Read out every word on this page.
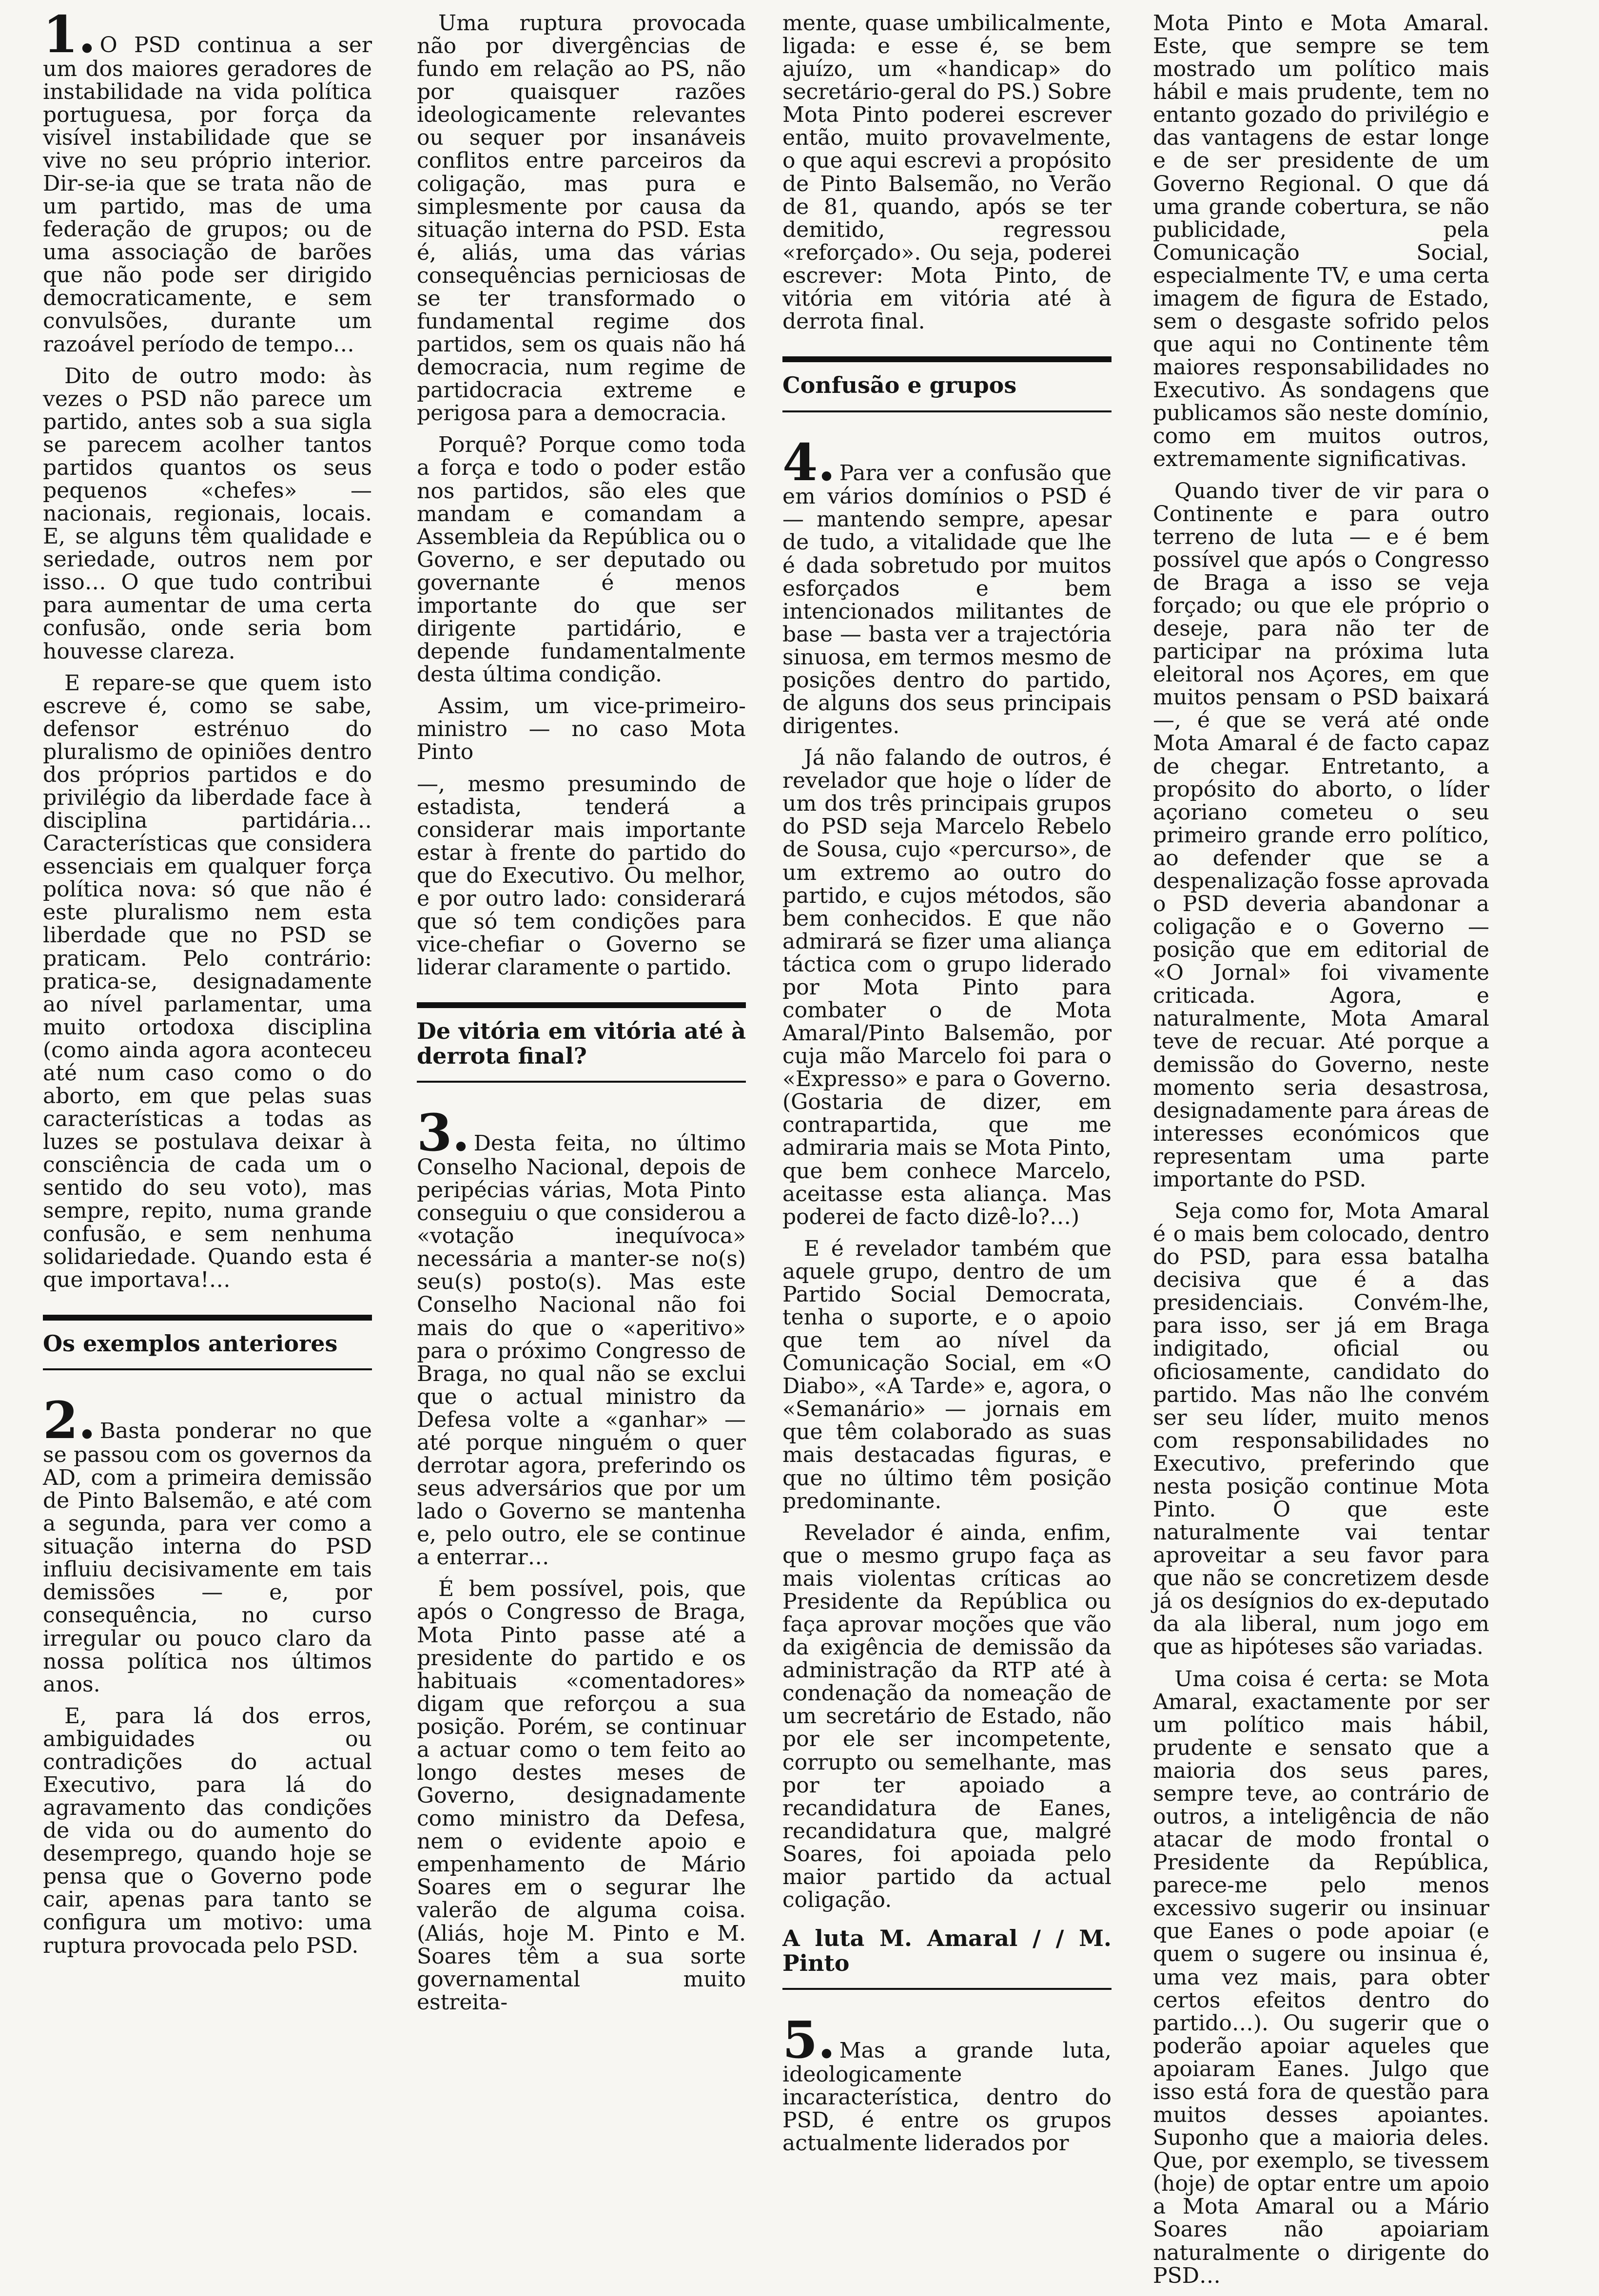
1. O PSD continua a ser um dos maiores geradores de instabilidade na vida política portuguesa, por força da visível instabilidade que se vive no seu próprio interior. Dir-se-ia que se trata não de um partido, mas de uma federação de grupos; ou de uma associação de barões que não pode ser dirigido democraticamente, e sem convulsões, durante um razoável período de tempo…

Dito de outro modo: às vezes o PSD não parece um partido, antes sob a sua sigla se parecem acolher tantos partidos quantos os seus pequenos «chefes» — nacionais, regionais, locais. E, se alguns têm qualidade e seriedade, outros nem por isso… O que tudo contribui para aumentar de uma certa confusão, onde seria bom houvesse clareza.

E repare-se que quem isto escreve é, como se sabe, defensor estrénuo do pluralismo de opiniões dentro dos próprios partidos e do privilégio da liberdade face à disciplina partidária… Características que considera essenciais em qualquer força política nova: só que não é este pluralismo nem esta liberdade que no PSD se praticam. Pelo contrário: pratica-se, designadamente ao nível parlamentar, uma muito ortodoxa disciplina (como ainda agora aconteceu até num caso como o do aborto, em que pelas suas características a todas as luzes se postulava deixar à consciência de cada um o sentido do seu voto), mas sempre, repito, numa grande confusão, e sem nenhuma solidariedade. Quando esta é que importava!…

Os exemplos anteriores

2. Basta ponderar no que se passou com os governos da AD, com a primeira demissão de Pinto Balsemão, e até com a segunda, para ver como a situação interna do PSD influiu decisivamente em tais demissões — e, por consequência, no curso irregular ou pouco claro da nossa política nos últimos anos.

E, para lá dos erros, ambiguidades ou contradições do actual Executivo, para lá do agravamento das condições de vida ou do aumento do desemprego, quando hoje se pensa que o Governo pode cair, apenas para tanto se configura um motivo: uma ruptura provocada pelo PSD.

Uma ruptura provocada não por divergências de fundo em relação ao PS, não por quaisquer razões ideologicamente relevantes ou sequer por insanáveis conflitos entre parceiros da coligação, mas pura e simplesmente por causa da situação interna do PSD. Esta é, aliás, uma das várias consequências perniciosas de se ter transformado o fundamental regime dos partidos, sem os quais não há democracia, num regime de partidocracia extreme e perigosa para a democracia.

Porquê? Porque como toda a força e todo o poder estão nos partidos, são eles que mandam e comandam a Assembleia da República ou o Governo, e ser deputado ou governante é menos importante do que ser dirigente partidário, e depende fundamentalmente desta última condição.

Assim, um vice-primeiro-ministro — no caso Mota Pinto

—, mesmo presumindo de estadista, tenderá a considerar mais importante estar à frente do partido do que do Executivo. Ou melhor, e por outro lado: considerará que só tem condições para vice-chefiar o Governo se liderar claramente o partido.

De vitória em vitória até à derrota final?

3. Desta feita, no último Conselho Nacional, depois de peripécias várias, Mota Pinto conseguiu o que considerou a «votação inequívoca» necessária a manter-se no(s) seu(s) posto(s). Mas este Conselho Nacional não foi mais do que o «aperitivo» para o próximo Congresso de Braga, no qual não se exclui que o actual ministro da Defesa volte a «ganhar» — até porque ninguém o quer derrotar agora, preferindo os seus adversários que por um lado o Governo se mantenha e, pelo outro, ele se continue a enterrar…

É bem possível, pois, que após o Congresso de Braga, Mota Pinto passe até a presidente do partido e os habituais «comentadores» digam que reforçou a sua posição. Porém, se continuar a actuar como o tem feito ao longo destes meses de Governo, designadamente como ministro da Defesa, nem o evidente apoio e empenhamento de Mário Soares em o segurar lhe valerão de alguma coisa. (Aliás, hoje M. Pinto e M. Soares têm a sua sorte governamental muito estreita-

mente, quase umbilicalmente, ligada: e esse é, se bem ajuízo, um «handicap» do secretário-geral do PS.) Sobre Mota Pinto poderei escrever então, muito provavelmente, o que aqui escrevi a propósito de Pinto Balsemão, no Verão de 81, quando, após se ter demitido, regressou «reforçado». Ou seja, poderei escrever: Mota Pinto, de vitória em vitória até à derrota final.

Confusão e grupos

4. Para ver a confusão que em vários domínios o PSD é — mantendo sempre, apesar de tudo, a vitalidade que lhe é dada sobretudo por muitos esforçados e bem intencionados militantes de base — basta ver a trajectória sinuosa, em termos mesmo de posições dentro do partido, de alguns dos seus principais dirigentes.

Já não falando de outros, é revelador que hoje o líder de um dos três principais grupos do PSD seja Marcelo Rebelo de Sousa, cujo «percurso», de um extremo ao outro do partido, e cujos métodos, são bem conhecidos. E que não admirará se fizer uma aliança táctica com o grupo liderado por Mota Pinto para combater o de Mota Amaral/Pinto Balsemão, por cuja mão Marcelo foi para o «Expresso» e para o Governo. (Gostaria de dizer, em contrapartida, que me admiraria mais se Mota Pinto, que bem conhece Marcelo, aceitasse esta aliança. Mas poderei de facto dizê-lo?…)

E é revelador também que aquele grupo, dentro de um Partido Social Democrata, tenha o suporte, e o apoio que tem ao nível da Comunicação Social, em «O Diabo», «A Tarde» e, agora, o «Semanário» — jornais em que têm colaborado as suas mais destacadas figuras, e que no último têm posição predominante.

Revelador é ainda, enfim, que o mesmo grupo faça as mais violentas críticas ao Presidente da República ou faça aprovar moções que vão da exigência de demissão da administração da RTP até à condenação da nomeação de um secretário de Estado, não por ele ser incompetente, corrupto ou semelhante, mas por ter apoiado a recandidatura de Eanes, recandidatura que, malgré Soares, foi apoiada pelo maior partido da actual coligação.

A luta M. Amaral / / M. Pinto

5. Mas a grande luta, ideologicamente incaracterística, dentro do PSD, é entre os grupos actualmente liderados por

Mota Pinto e Mota Amaral. Este, que sempre se tem mostrado um político mais hábil e mais prudente, tem no entanto gozado do privilégio e das vantagens de estar longe e de ser presidente de um Governo Regional. O que dá uma grande cobertura, se não publicidade, pela Comunicação Social, especialmente TV, e uma certa imagem de figura de Estado, sem o desgaste sofrido pelos que aqui no Continente têm maiores responsabilidades no Executivo. As sondagens que publicamos são neste domínio, como em muitos outros, extremamente significativas.

Quando tiver de vir para o Continente e para outro terreno de luta — e é bem possível que após o Congresso de Braga a isso se veja forçado; ou que ele próprio o deseje, para não ter de participar na próxima luta eleitoral nos Açores, em que muitos pensam o PSD baixará —, é que se verá até onde Mota Amaral é de facto capaz de chegar. Entretanto, a propósito do aborto, o líder açoriano cometeu o seu primeiro grande erro político, ao defender que se a despenalização fosse aprovada o PSD deveria abandonar a coligação e o Governo — posição que em editorial de «O Jornal» foi vivamente criticada. Agora, e naturalmente, Mota Amaral teve de recuar. Até porque a demissão do Governo, neste momento seria desastrosa, designadamente para áreas de interesses económicos que representam uma parte importante do PSD.

Seja como for, Mota Amaral é o mais bem colocado, dentro do PSD, para essa batalha decisiva que é a das presidenciais. Convém-lhe, para isso, ser já em Braga indigitado, oficial ou oficiosamente, candidato do partido. Mas não lhe convém ser seu líder, muito menos com responsabilidades no Executivo, preferindo que nesta posição continue Mota Pinto. O que este naturalmente vai tentar aproveitar a seu favor para que não se concretizem desde já os desígnios do ex-deputado da ala liberal, num jogo em que as hipóteses são variadas.

Uma coisa é certa: se Mota Amaral, exactamente por ser um político mais hábil, prudente e sensato que a maioria dos seus pares, sempre teve, ao contrário de outros, a inteligência de não atacar de modo frontal o Presidente da República, parece-me pelo menos excessivo sugerir ou insinuar que Eanes o pode apoiar (e quem o sugere ou insinua é, uma vez mais, para obter certos efeitos dentro do partido…). Ou sugerir que o poderão apoiar aqueles que apoiaram Eanes. Julgo que isso está fora de questão para muitos desses apoiantes. Suponho que a maioria deles. Que, por exemplo, se tivessem (hoje) de optar entre um apoio a Mota Amaral ou a Mário Soares não apoiariam naturalmente o dirigente do PSD…
